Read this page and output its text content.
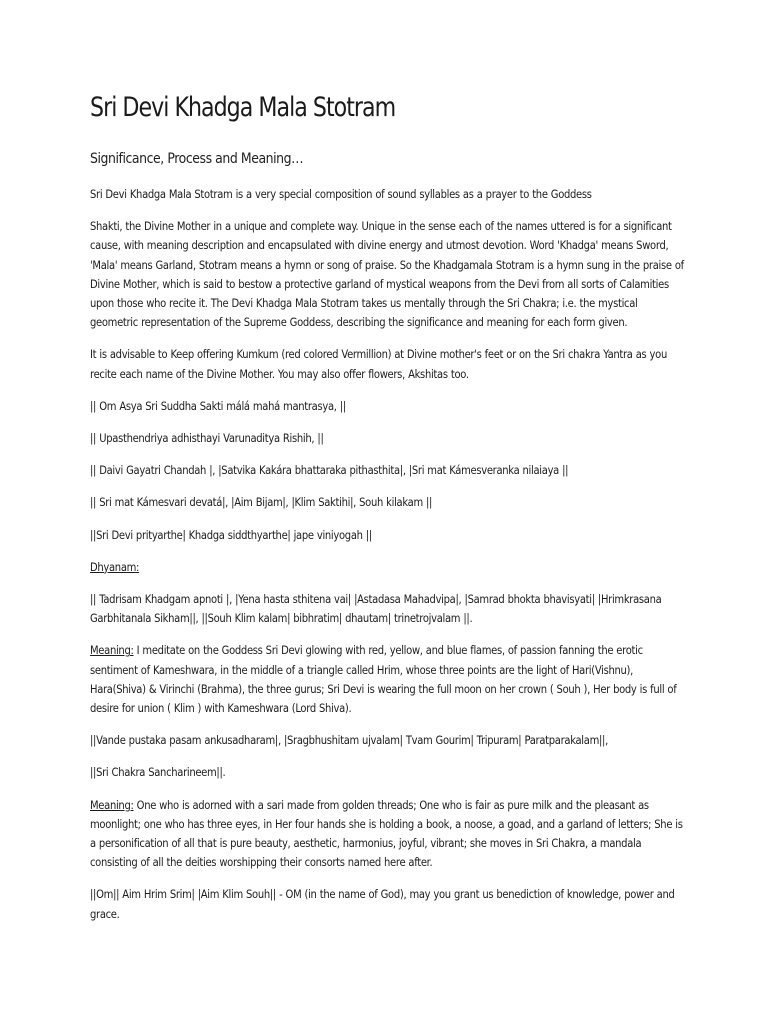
Sri Devi Khadga Mala Stotram
Significance, Process and Meaning…

Sri Devi Khadga Mala Stotram is a very special composition of sound syllables as a prayer to the Goddess

Shakti, the Divine Mother in a unique and complete way. Unique in the sense each of the names uttered is for a significant cause, with meaning description and encapsulated with divine energy and utmost devotion. Word 'Khadga' means Sword, 'Mala' means Garland, Stotram means a hymn or song of praise. So the Khadgamala Stotram is a hymn sung in the praise of Divine Mother, which is said to bestow a protective garland of mystical weapons from the Devi from all sorts of Calamities upon those who recite it. The Devi Khadga Mala Stotram takes us mentally through the Sri Chakra; i.e. the mystical geometric representation of the Supreme Goddess, describing the significance and meaning for each form given.

It is advisable to Keep offering Kumkum (red colored Vermillion) at Divine mother's feet or on the Sri chakra Yantra as you recite each name of the Divine Mother. You may also offer flowers, Akshitas too.

|| Om Asya Sri Suddha Sakti málá mahá mantrasya, ||

|| Upasthendriya adhisthayi Varunaditya Rishih, ||

|| Daivi Gayatri Chandah |, |Satvika Kakára bhattaraka pithasthita|, |Sri mat Kámesveranka nilaiaya ||

|| Sri mat Kámesvari devatá|, |Aim Bijam|, |Klim Saktihi|, Souh kilakam ||

||Sri Devi prityarthe| Khadga siddthyarthe| jape viniyogah ||

Dhyanam:

|| Tadrisam Khadgam apnoti |, |Yena hasta sthitena vai| |Astadasa Mahadvipa|, |Samrad bhokta bhavisyati| |Hrimkrasana Garbhitanala Sikham||, ||Souh Klim kalam| bibhratim| dhautam| trinetrojvalam ||.

Meaning: I meditate on the Goddess Sri Devi glowing with red, yellow, and blue flames, of passion fanning the erotic sentiment of Kameshwara, in the middle of a triangle called Hrim, whose three points are the light of Hari(Vishnu), Hara(Shiva) & Virinchi (Brahma), the three gurus; Sri Devi is wearing the full moon on her crown ( Souh ), Her body is full of desire for union ( Klim ) with Kameshwara (Lord Shiva).

||Vande pustaka pasam ankusadharam|, |Sragbhushitam ujvalam| Tvam Gourim| Tripuram| Paratparakalam||,

||Sri Chakra Sancharineem||.

Meaning: One who is adorned with a sari made from golden threads; One who is fair as pure milk and the pleasant as moonlight; one who has three eyes, in Her four hands she is holding a book, a noose, a goad, and a garland of letters; She is a personification of all that is pure beauty, aesthetic, harmonius, joyful, vibrant; she moves in Sri Chakra, a mandala consisting of all the deities worshipping their consorts named here after.

||Om|| Aim Hrim Srim| |Aim Klim Souh|| - OM (in the name of God), may you grant us benediction of knowledge, power and grace.
